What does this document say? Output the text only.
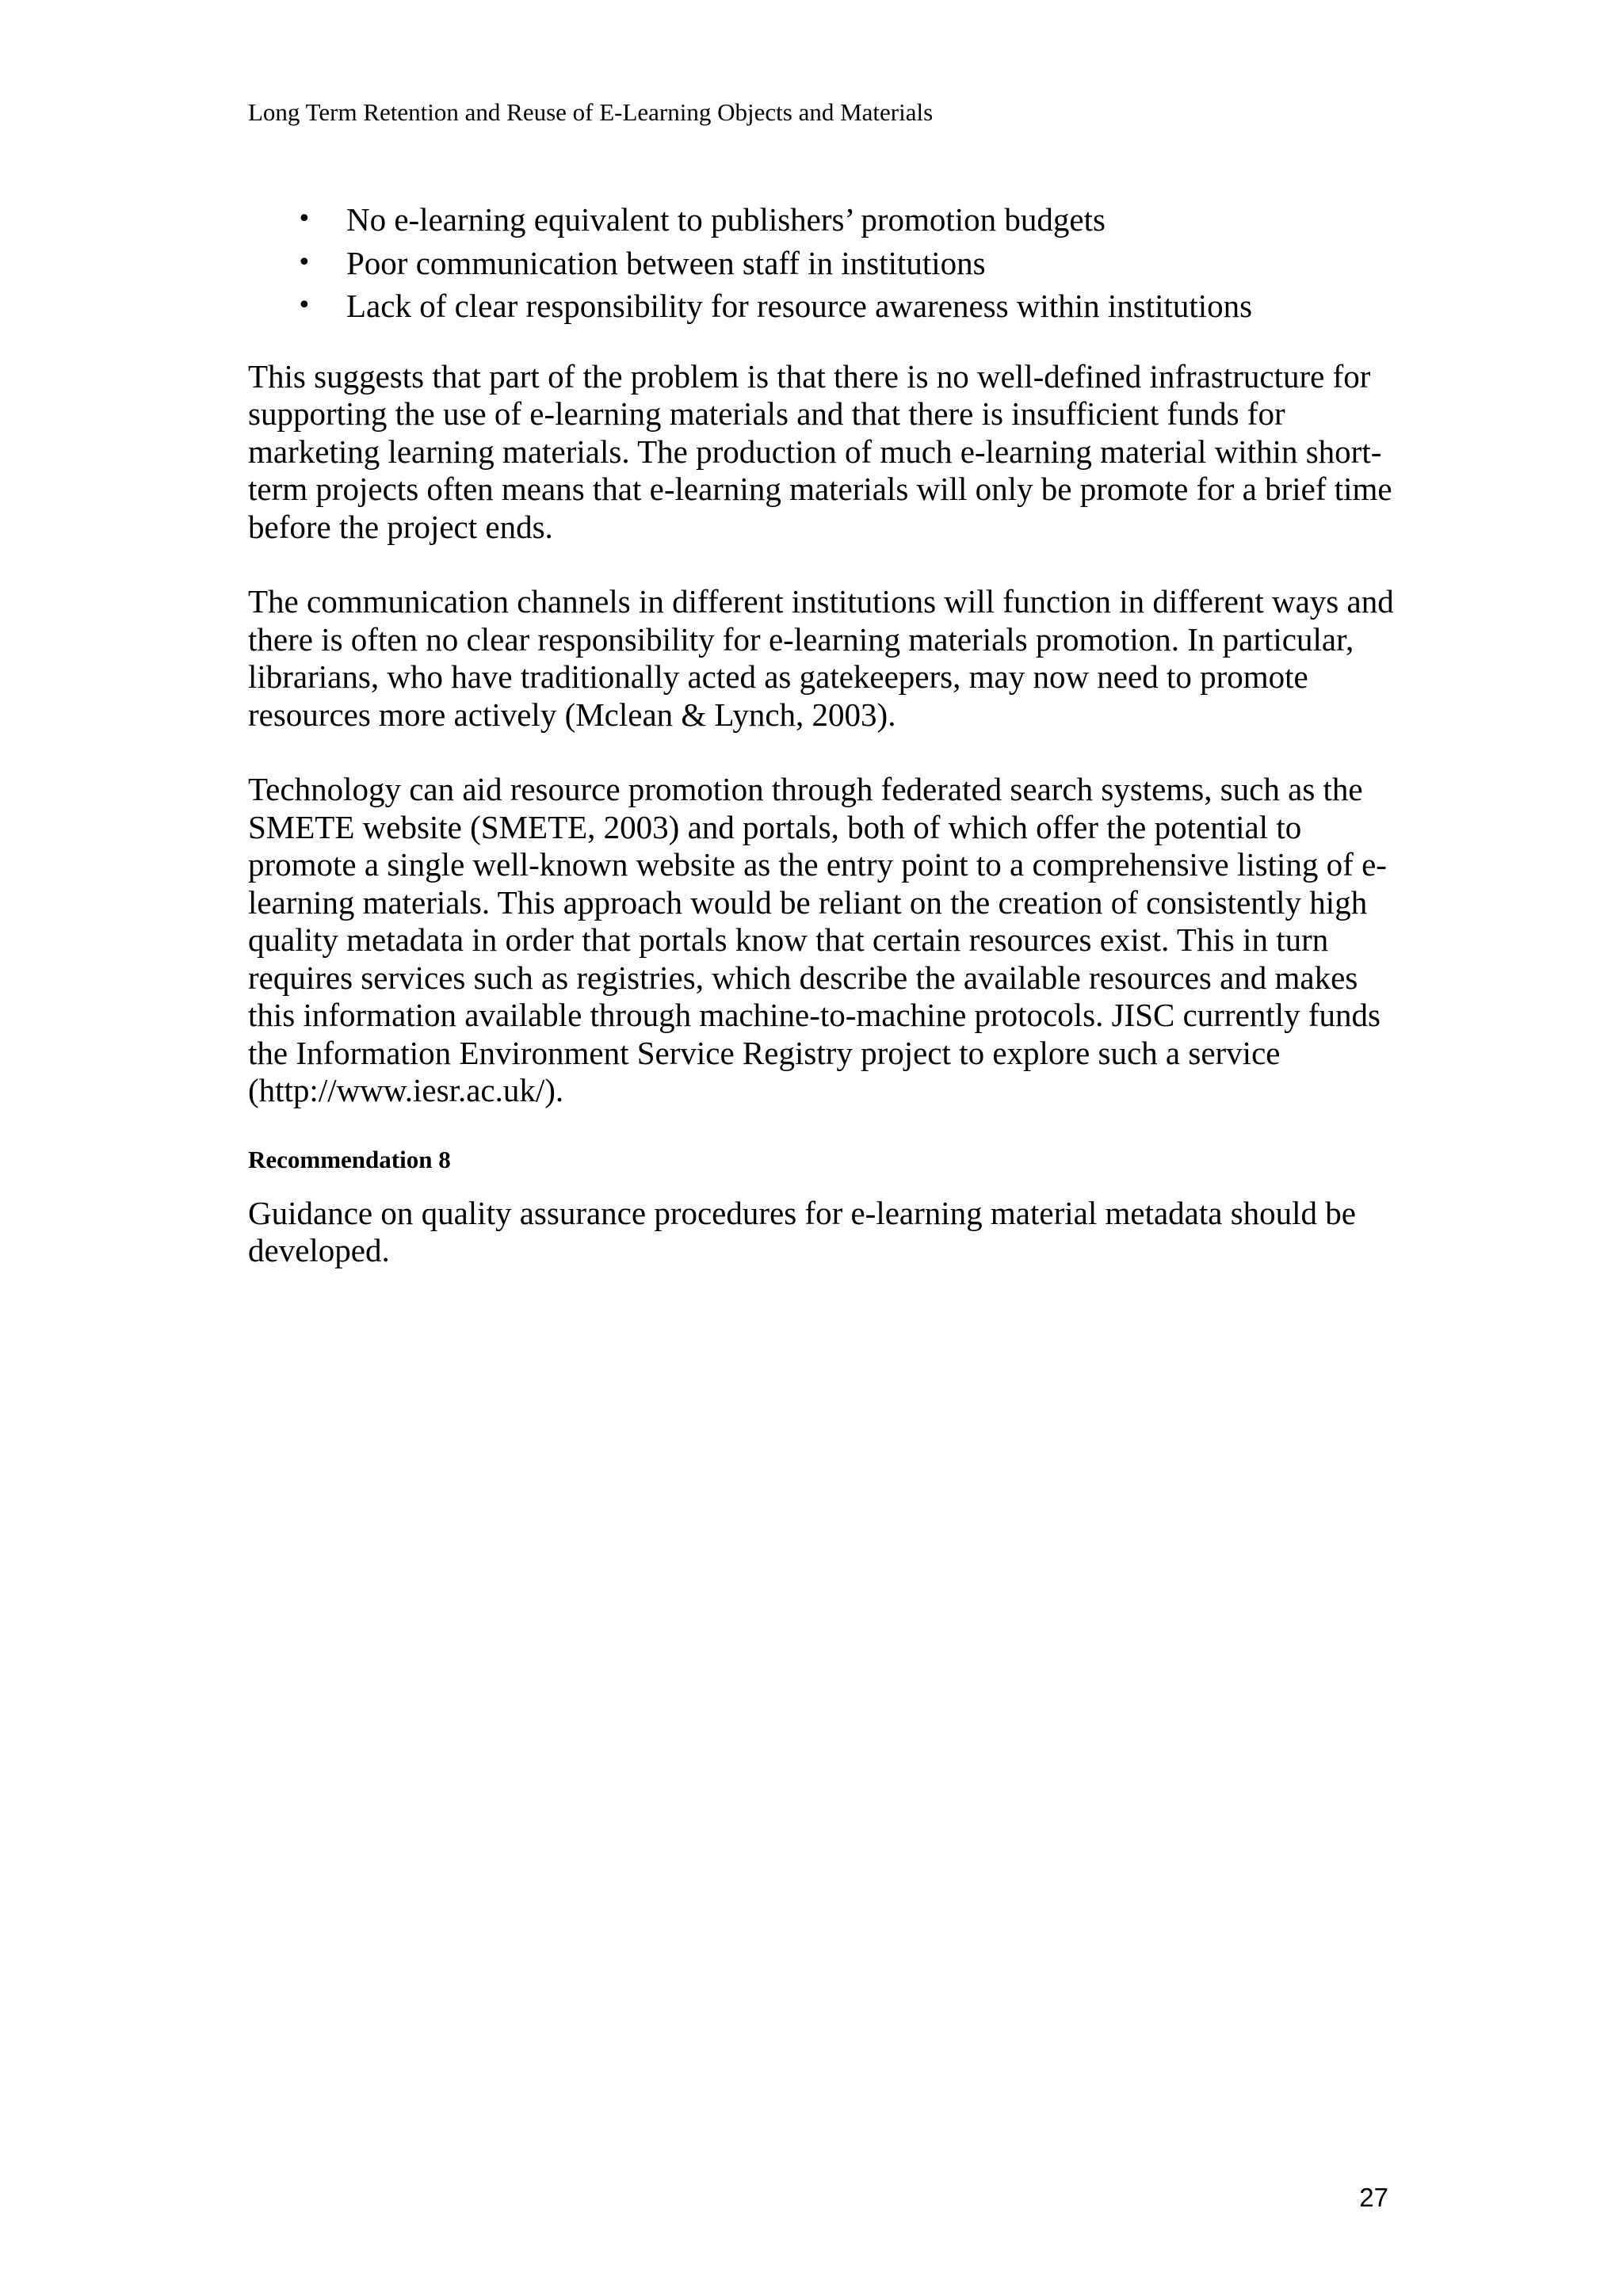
Long Term Retention and Reuse of E-Learning Objects and Materials
• No e-learning equivalent to publishers’ promotion budgets
• Poor communication between staff in institutions
• Lack of clear responsibility for resource awareness within institutions

This suggests that part of the problem is that there is no well-defined infrastructure for supporting the use of e-learning materials and that there is insufficient funds for marketing learning materials. The production of much e-learning material within short-term projects often means that e-learning materials will only be promote for a brief time before the project ends.

The communication channels in different institutions will function in different ways and there is often no clear responsibility for e-learning materials promotion. In particular, librarians, who have traditionally acted as gatekeepers, may now need to promote resources more actively (Mclean & Lynch, 2003).

Technology can aid resource promotion through federated search systems, such as the SMETE website (SMETE, 2003) and portals, both of which offer the potential to promote a single well-known website as the entry point to a comprehensive listing of e-learning materials. This approach would be reliant on the creation of consistently high quality metadata in order that portals know that certain resources exist. This in turn requires services such as registries, which describe the available resources and makes this information available through machine-to-machine protocols. JISC currently funds the Information Environment Service Registry project to explore such a service (http://www.iesr.ac.uk/).

Recommendation 8

Guidance on quality assurance procedures for e-learning material metadata should be developed.

27
